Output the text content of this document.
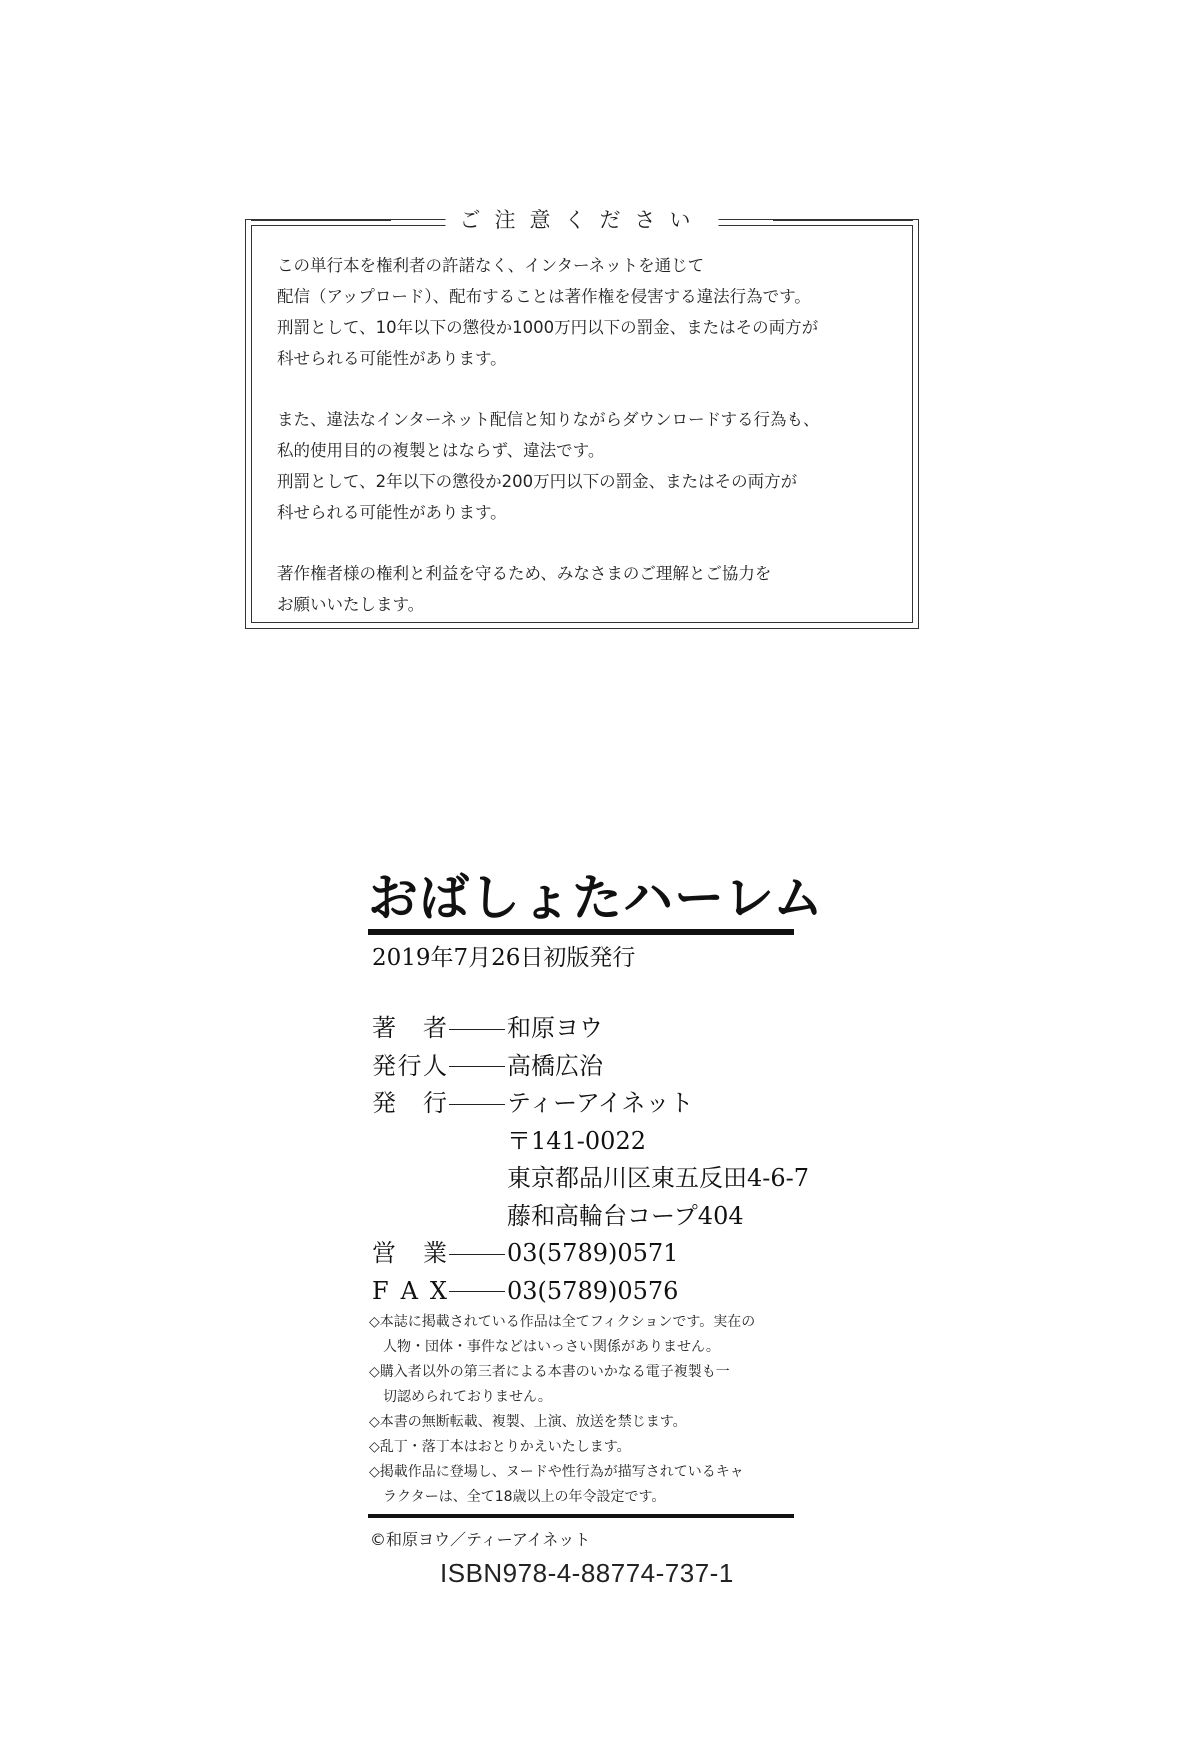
ご注意ください

この単行本を権利者の許諾なく、インターネットを通じて

配信（アップロード）、配布することは著作権を侵害する違法行為です。

刑罰として、10年以下の懲役か1000万円以下の罰金、またはその両方が

科せられる可能性があります。

また、違法なインターネット配信と知りながらダウンロードする行為も、

私的使用目的の複製とはならず、違法です。

刑罰として、2年以下の懲役か200万円以下の罰金、またはその両方が

科せられる可能性があります。

著作権者様の権利と利益を守るため、みなさまのご理解とご協力を

お願いいたします。

おばしょたハーレム
2019年7月26日初版発行
著　者	和原ヨウ
発行人	高橋広治
発　行	ティーアイネット
〒141-0022
東京都品川区東五反田4-6-7
藤和高輪台コープ404
営　業	03(5789)0571
F A X	03(5789)0576

◇本誌に掲載されている作品は全てフィクションです。実在の

人物・団体・事件などはいっさい関係がありません。

◇購入者以外の第三者による本書のいかなる電子複製も一

切認められておりません。

◇本書の無断転載、複製、上演、放送を禁じます。

◇乱丁・落丁本はおとりかえいたします。

◇掲載作品に登場し、ヌードや性行為が描写されているキャ

ラクターは、全て18歳以上の年令設定です。

©和原ヨウ／ティーアイネット
ISBN978-4-88774-737-1
